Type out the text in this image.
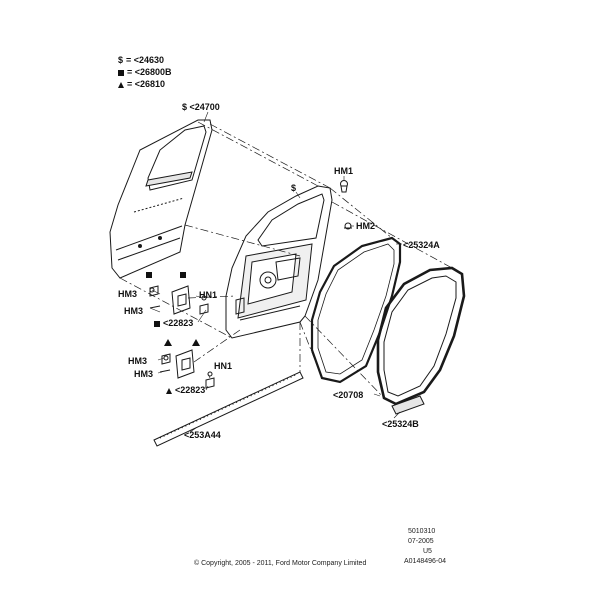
$ = <24630
= <26800B
= <26810
$ <24700
HM1
$
HM2
<25324A
HM3	HN1
HM3
<22823
HM3	HN1
HM3
<22823	<20708
<25324B
<253A44
5010310
07-2005
U5
© Copyright, 2005 - 2011, Ford Motor Company Limited	A0148496-04
